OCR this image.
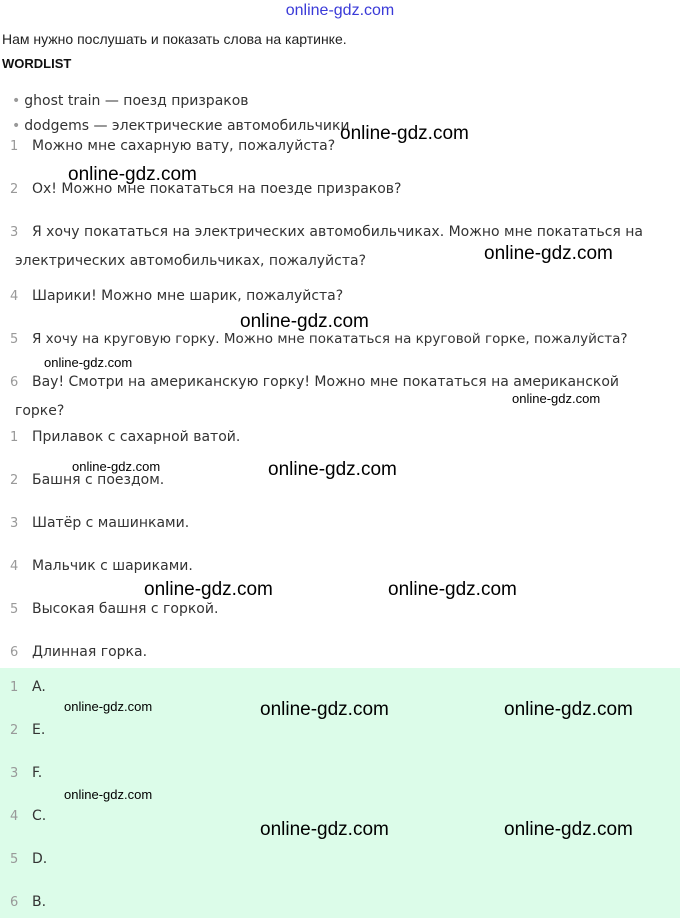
online-gdz.com
Нам нужно послушать и показать слова на картинке.
WORDLIST
• ghost train — поезд призраков
• dodgems — электрические автомобильчики
1 Можно мне сахарную вату, пожалуйста?
2 Ох! Можно мне покататься на поезде призраков?
3 Я хочу покататься на электрических автомобильчиках. Можно мне покататься на
электрических автомобильчиках, пожалуйста?
4 Шарики! Можно мне шарик, пожалуйста?
5 Я хочу на круговую горку. Можно мне покататься на круговой горке, пожалуйста?
6 Вау! Смотри на американскую горку! Можно мне покататься на американской
горке?
1 Прилавок с сахарной ватой.
2 Башня с поездом.
3 Шатёр с машинками.
4 Мальчик с шариками.
5 Высокая башня с горкой.
6 Длинная горка.
1 A.
2 E.
3 F.
4 C.
5 D.
6 B.
online-gdz.com
online-gdz.com
online-gdz.com
online-gdz.com
online-gdz.com
online-gdz.com
online-gdz.com	online-gdz.com
online-gdz.com	online-gdz.com
online-gdz.com	online-gdz.com	online-gdz.com
online-gdz.com
online-gdz.com	online-gdz.com
